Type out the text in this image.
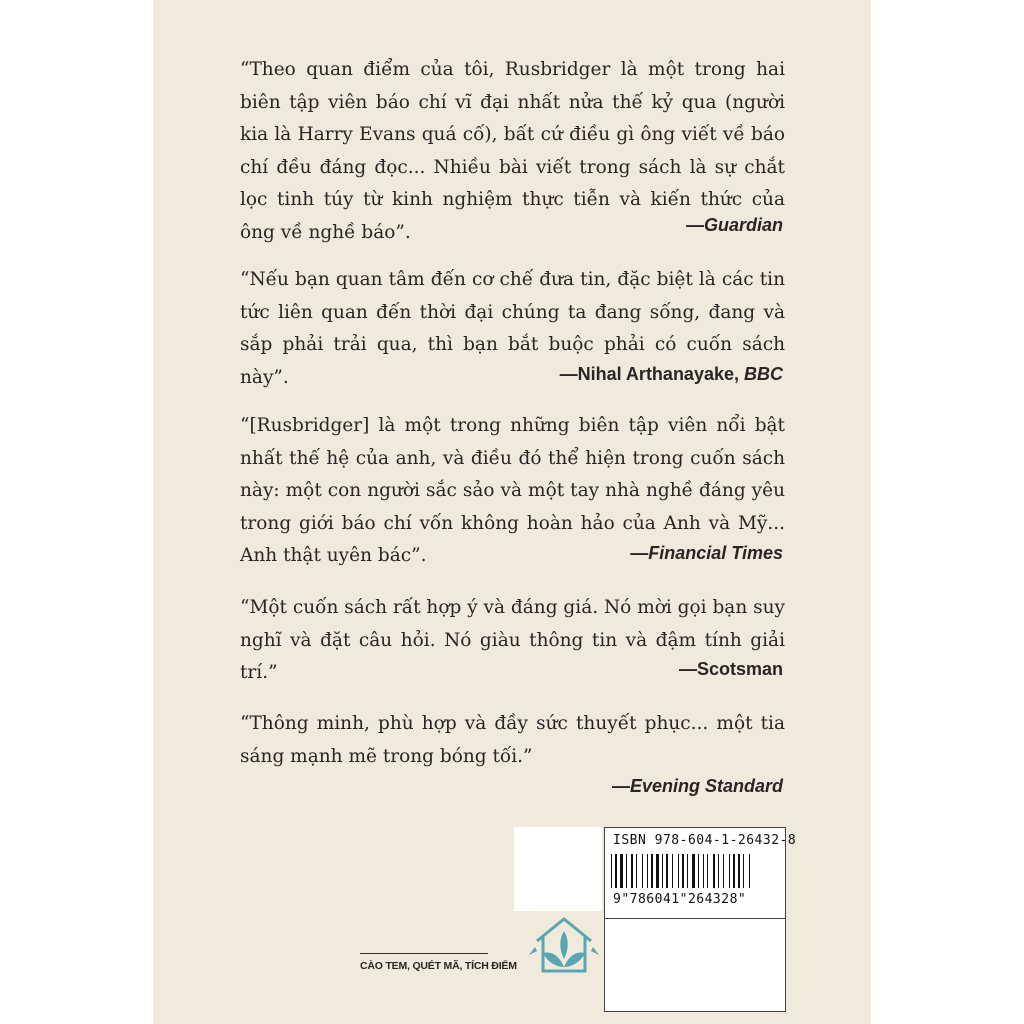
“Theo quan điểm của tôi, Rusbridger là một trong hai biên tập viên báo chí vĩ đại nhất nửa thế kỷ qua (người kia là Harry Evans quá cố), bất cứ điều gì ông viết về báo chí đều đáng đọc... Nhiều bài viết trong sách là sự chắt lọc tinh túy từ kinh nghiệm thực tiễn và kiến thức của ông về nghề báo”.	—Guardian

“Nếu bạn quan tâm đến cơ chế đưa tin, đặc biệt là các tin tức liên quan đến thời đại chúng ta đang sống, đang và sắp phải trải qua, thì bạn bắt buộc phải có cuốn sách này”.	—Nihal Arthanayake, BBC

“[Rusbridger] là một trong những biên tập viên nổi bật nhất thế hệ của anh, và điều đó thể hiện trong cuốn sách này: một con người sắc sảo và một tay nhà nghề đáng yêu trong giới báo chí vốn không hoàn hảo của Anh và Mỹ... Anh thật uyên bác”.	—Financial Times

“Một cuốn sách rất hợp ý và đáng giá. Nó mời gọi bạn suy nghĩ và đặt câu hỏi. Nó giàu thông tin và đậm tính giải trí.”	—Scotsman

“Thông minh, phù hợp và đầy sức thuyết phục... một tia sáng mạnh mẽ trong bóng tối.”

—Evening Standard
ISBN 978-604-1-26432-8
9"786041"264328"
CÀO TEM, QUÉT MÃ, TÍCH ĐIỂM
